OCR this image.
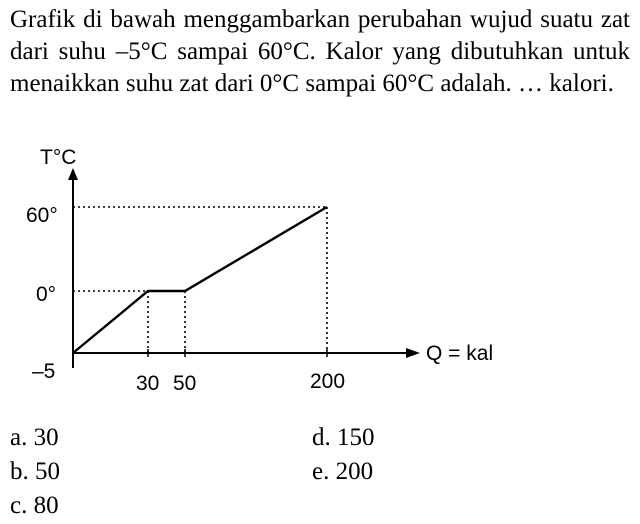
Grafik di bawah menggambarkan perubahan wujud suatu zat dari suhu –5°C sampai 60°C. Kalor yang dibutuhkan untuk menaikkan suhu zat dari 0°C sampai 60°C adalah. … kalori.
T°C
60°
0°
–5
30 50	200
Q = kal
a. 30
b. 50
c. 80
d. 150
e. 200
